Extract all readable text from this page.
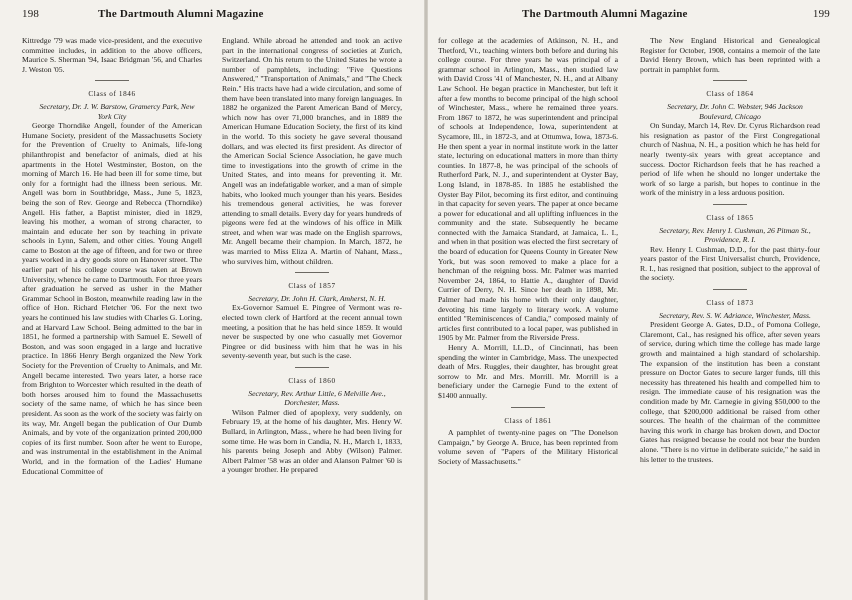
198	The Dartmouth Alumni Magazine

Kittredge '79 was made vice-president, and the executive committee includes, in addition to the above officers, Maurice S. Sherman '94, Isaac Bridgman '56, and Charles J. Weston '05.

Class of 1846

Secretary, Dr. J. W. Barstow, Gramercy Park, New York City

George Thorndike Angell, founder of the American Humane Society, president of the Massachusetts Society for the Prevention of Cruelty to Animals, life-long philanthropist and benefactor of animals, died at his apartments in the Hotel Westminster, Boston, on the morning of March 16. He had been ill for some time, but only for a fortnight had the illness been serious. Mr. Angell was born in Southbridge, Mass., June 5, 1823, being the son of Rev. George and Rebecca (Thorndike) Angell. His father, a Baptist minister, died in 1829, leaving his mother, a woman of strong character, to maintain and educate her son by teaching in private schools in Lynn, Salem, and other cities. Young Angell came to Boston at the age of fifteen, and for two or three years worked in a dry goods store on Hanover street. The earlier part of his college course was taken at Brown University, whence he came to Dartmouth. For three years after graduation he served as usher in the Mather Grammar School in Boston, meanwhile reading law in the office of Hon. Richard Fletcher '06. For the next two years he continued his law studies with Charles G. Loring, and at Harvard Law School. Being admitted to the bar in 1851, he formed a partnership with Samuel E. Sewell of Boston, and was soon engaged in a large and lucrative practice. In 1866 Henry Bergh organized the New York Society for the Prevention of Cruelty to Animals, and Mr. Angell became interested. Two years later, a horse race from Brighton to Worcester which resulted in the death of both horses aroused him to found the Massachusetts society of the same name, of which he has since been president. As soon as the work of the society was fairly on its way, Mr. Angell began the publication of Our Dumb Animals, and by vote of the organization printed 200,000 copies of its first number. Soon after he went to Europe, and was instrumental in the establishment in the Animal World, and in the formation of the Ladies' Humane Educational Committee of

England. While abroad he attended and took an active part in the international congress of societies at Zurich, Switzerland. On his return to the United States he wrote a number of pamphlets, including: "Five Questions Answered," "Transportation of Animals," and "The Check Rein." His tracts have had a wide circulation, and some of them have been translated into many foreign languages. In 1882 he organized the Parent American Band of Mercy, which now has over 71,000 branches, and in 1889 the American Humane Education Society, the first of its kind in the world. To this society he gave several thousand dollars, and was elected its first president. As director of the American Social Science Association, he gave much time to investigations into the growth of crime in the United States, and into means for preventing it. Mr. Angell was an indefatigable worker, and a man of simple habits, who looked much younger than his years. Besides his tremendous general activities, he was forever attending to small details. Every day for years hundreds of pigeons were fed at the windows of his office in Milk street, and when war was made on the English sparrows, Mr. Angell became their champion. In March, 1872, he was married to Miss Eliza A. Martin of Nahant, Mass., who survives him, without children.

Class of 1857

Secretary, Dr. John H. Clark, Amherst, N. H.

Ex-Governor Samuel E. Pingree of Vermont was re-elected town clerk of Hartford at the recent annual town meeting, a position that he has held since 1859. It would never be suspected by one who casually met Governor Pingree or did business with him that he was in his seventy-seventh year, but such is the case.

Class of 1860

Secretary, Rev. Arthur Little, 6 Melville Ave., Dorchester, Mass.

Wilson Palmer died of apoplexy, very suddenly, on February 19, at the home of his daughter, Mrs. Henry W. Bullard, in Arlington, Mass., where he had been living for some time. He was born in Candia, N. H., March 1, 1833, his parents being Joseph and Abby (Wilson) Palmer. Albert Palmer '58 was an older and Alanson Palmer '60 is a younger brother. He prepared

The Dartmouth Alumni Magazine	199

for college at the academies of Atkinson, N. H., and Thetford, Vt., teaching winters both before and during his college course. For three years he was principal of a grammar school in Arlington, Mass., then studied law with David Cross '41 of Manchester, N. H., and at Albany Law School. He began practice in Manchester, but left it after a few months to become principal of the high school of Winchester, Mass., where he remained three years. From 1867 to 1872, he was superintendent and principal of schools at Independence, Iowa, superintendent at Sycamore, Ill., in 1872-3, and at Ottumwa, Iowa, 1873-6. He then spent a year in normal institute work in the latter state, lecturing on educational matters in more than thirty counties. In 1877-8, he was principal of the schools of Rutherford Park, N. J., and superintendent at Oyster Bay, Long Island, in 1878-85. In 1885 he established the Oyster Bay Pilot, becoming its first editor, and continuing in that capacity for seven years. The paper at once became a power for educational and all uplifting influences in the community and the state. Subsequently he became connected with the Jamaica Standard, at Jamaica, L. I., and when in that position was elected the first secretary of the board of education for Queens County in Greater New York, but was soon removed to make a place for a henchman of the reigning boss. Mr. Palmer was married November 24, 1864, to Hattie A., daughter of David Currier of Derry, N. H. Since her death in 1898, Mr. Palmer had made his home with their only daughter, devoting his time largely to literary work. A volume entitled "Reminiscences of Candia," composed mainly of articles first contributed to a local paper, was published in 1905 by Mr. Palmer from the Riverside Press.

Henry A. Morrill, LL.D., of Cincinnati, has been spending the winter in Cambridge, Mass. The unexpected death of Mrs. Ruggles, their daughter, has brought great sorrow to Mr. and Mrs. Morrill. Mr. Morrill is a beneficiary under the Carnegie Fund to the extent of $1400 annually.

Class of 1861

A pamphlet of twenty-nine pages on "The Donelson Campaign," by George A. Bruce, has been reprinted from volume seven of "Papers of the Military Historical Society of Massachusetts."

The New England Historical and Genealogical Register for October, 1908, contains a memoir of the late David Henry Brown, which has been reprinted with a portrait in pamphlet form.

Class of 1864

Secretary, Dr. John C. Webster, 946 Jackson Boulevard, Chicago

On Sunday, March 14, Rev. Dr. Cyrus Richardson read his resignation as pastor of the First Congregational church of Nashua, N. H., a position which he has held for nearly twenty-six years with great acceptance and success. Doctor Richardson feels that he has reached a period of life when he should no longer undertake the work of so large a parish, but hopes to continue in the work of the ministry in a less arduous position.

Class of 1865

Secretary, Rev. Henry I. Cushman, 26 Pitman St., Providence, R. I.

Rev. Henry I. Cushman, D.D., for the past thirty-four years pastor of the First Universalist church, Providence, R. I., has resigned that position, subject to the approval of the society.

Class of 1873

Secretary, Rev. S. W. Adriance, Winchester, Mass.

President George A. Gates, D.D., of Pomona College, Claremont, Cal., has resigned his office, after seven years of service, during which time the college has made large growth and maintained a high standard of scholarship. The expansion of the institution has been a constant pressure on Doctor Gates to secure larger funds, till this necessity has threatened his health and compelled him to resign. The immediate cause of his resignation was the condition made by Mr. Carnegie in giving $50,000 to the college, that $200,000 additional be raised from other sources. The health of the chairman of the committee having this work in charge has broken down, and Doctor Gates has resigned because he could not bear the burden alone. "There is no virtue in deliberate suicide," he said in his letter to the trustees.
